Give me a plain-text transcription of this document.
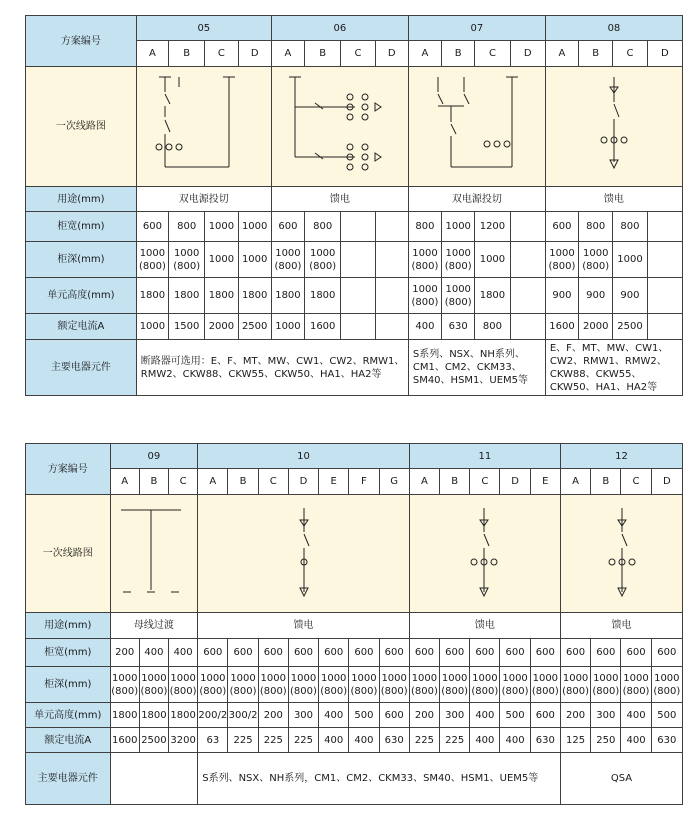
方案编号	05				06				07				08			
	A	B	C	D	A	B	C	D	A	B	C	D	A	B	C	D
一次线路图	

用途(mm)	双电源投切				馈电				双电源投切				馈电			
柜宽(mm)	600	800	1000	1000	600	800			800	1000	1200		600	800	800	
柜深(mm)	1000 (800)	1000 (800)	1000	1000	1000 (800)	1000 (800)			1000 (800)	1000 (800)	1000		1000 (800)	1000 (800)	1000	
单元高度(mm)	1800	1800	1800	1800	1800	1800			1000 (800)	1000 (800)	1800		900	900	900	
额定电流A	1000	1500	2000	2500	1000	1600			400	630	800		1600	2000	2500	
主要电器元件	断路器可选用：E、F、MT、MW、CW1、CW2、RMW1、RMW2、CKW88、CKW55、CKW50、HA1、HA2等								S系列、NSX、NH系列、CM1、CM2、CKM33、SM40、HSM1、UEM5等				E、F、MT、MW、CW1、CW2、RMW1、RMW2、CKW88、CKW55、CKW50、HA1、HA2等			
方案编号	09			10							11					12			
	A	B	C	A	B	C	D	E	F	G	A	B	C	D	E	A	B	C	D
一次线路图	

用途(mm)	母线过渡			馈电							馈电					馈电			
柜宽(mm)	200	400	400	600	600	600	600	600	600	600	600	600	600	600	600	600	600	600	600
柜深(mm)	1000 (800)	1000 (800)	1000 (800)	1000 (800)	1000 (800)	1000 (800)	1000 (800)	1000 (800)	1000 (800)	1000 (800)	1000 (800)	1000 (800)	1000 (800)	1000 (800)	1000 (800)	1000 (800)	1000 (800)	1000 (800)	1000 (800)
单元高度(mm)	1800	1800	1800	200/2	300/2	200	300	400	500	600	200	300	400	500	600	200	300	400	500
额定电流A	1600	2500	3200	63	225	225	225	400	400	630	225	225	400	400	630	125	250	400	630
主要电器元件				S系列、NSX、NH系列，CM1、CM2、CKM33、SM40、HSM1、UEM5等												QSA			
